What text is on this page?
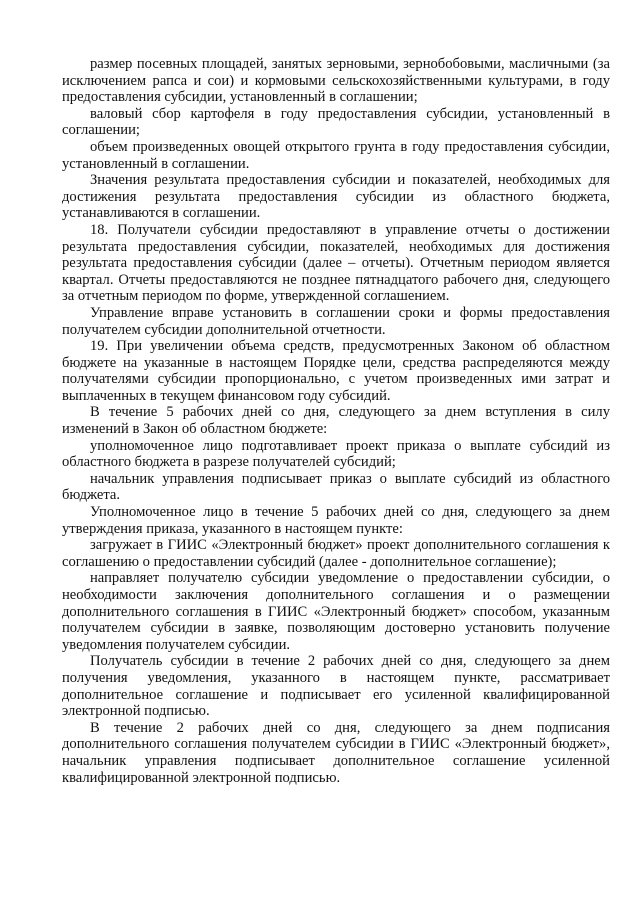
размер посевных площадей, занятых зерновыми, зернобобовыми, масличными (за исключением рапса и сои) и кормовыми сельскохозяйственными культурами, в году предоставления субсидии, установленный в соглашении;

валовый сбор картофеля в году предоставления субсидии, установленный в соглашении;

объем произведенных овощей открытого грунта в году предоставления субсидии, установленный в соглашении.

Значения результата предоставления субсидии и показателей, необходимых для достижения результата предоставления субсидии из областного бюджета, устанавливаются в соглашении.

18. Получатели субсидии предоставляют в управление отчеты о достижении результата предоставления субсидии, показателей, необходимых для достижения результата предоставления субсидии (далее – отчеты). Отчетным периодом является квартал. Отчеты предоставляются не позднее пятнадцатого рабочего дня, следующего за отчетным периодом по форме, утвержденной соглашением.

Управление вправе установить в соглашении сроки и формы предоставления получателем субсидии дополнительной отчетности.

19. При увеличении объема средств, предусмотренных Законом об областном бюджете на указанные в настоящем Порядке цели, средства распределяются между получателями субсидии пропорционально, с учетом произведенных ими затрат и выплаченных в текущем финансовом году субсидий.

В течение 5 рабочих дней со дня, следующего за днем вступления в силу изменений в Закон об областном бюджете:

уполномоченное лицо подготавливает проект приказа о выплате субсидий из областного бюджета в разрезе получателей субсидий;

начальник управления подписывает приказ о выплате субсидий из областного бюджета.

Уполномоченное лицо в течение 5 рабочих дней со дня, следующего за днем утверждения приказа, указанного в настоящем пункте:

загружает в ГИИС «Электронный бюджет» проект дополнительного соглашения к соглашению о предоставлении субсидий (далее - дополнительное соглашение);

направляет получателю субсидии уведомление о предоставлении субсидии, о необходимости заключения дополнительного соглашения и о размещении дополнительного соглашения в ГИИС «Электронный бюджет» способом, указанным получателем субсидии в заявке, позволяющим достоверно установить получение уведомления получателем субсидии.

Получатель субсидии в течение 2 рабочих дней со дня, следующего за днем получения уведомления, указанного в настоящем пункте, рассматривает дополнительное соглашение и подписывает его усиленной квалифицированной электронной подписью.

В течение 2 рабочих дней со дня, следующего за днем подписания дополнительного соглашения получателем субсидии в ГИИС «Электронный бюджет», начальник управления подписывает дополнительное соглашение усиленной квалифицированной электронной подписью.
